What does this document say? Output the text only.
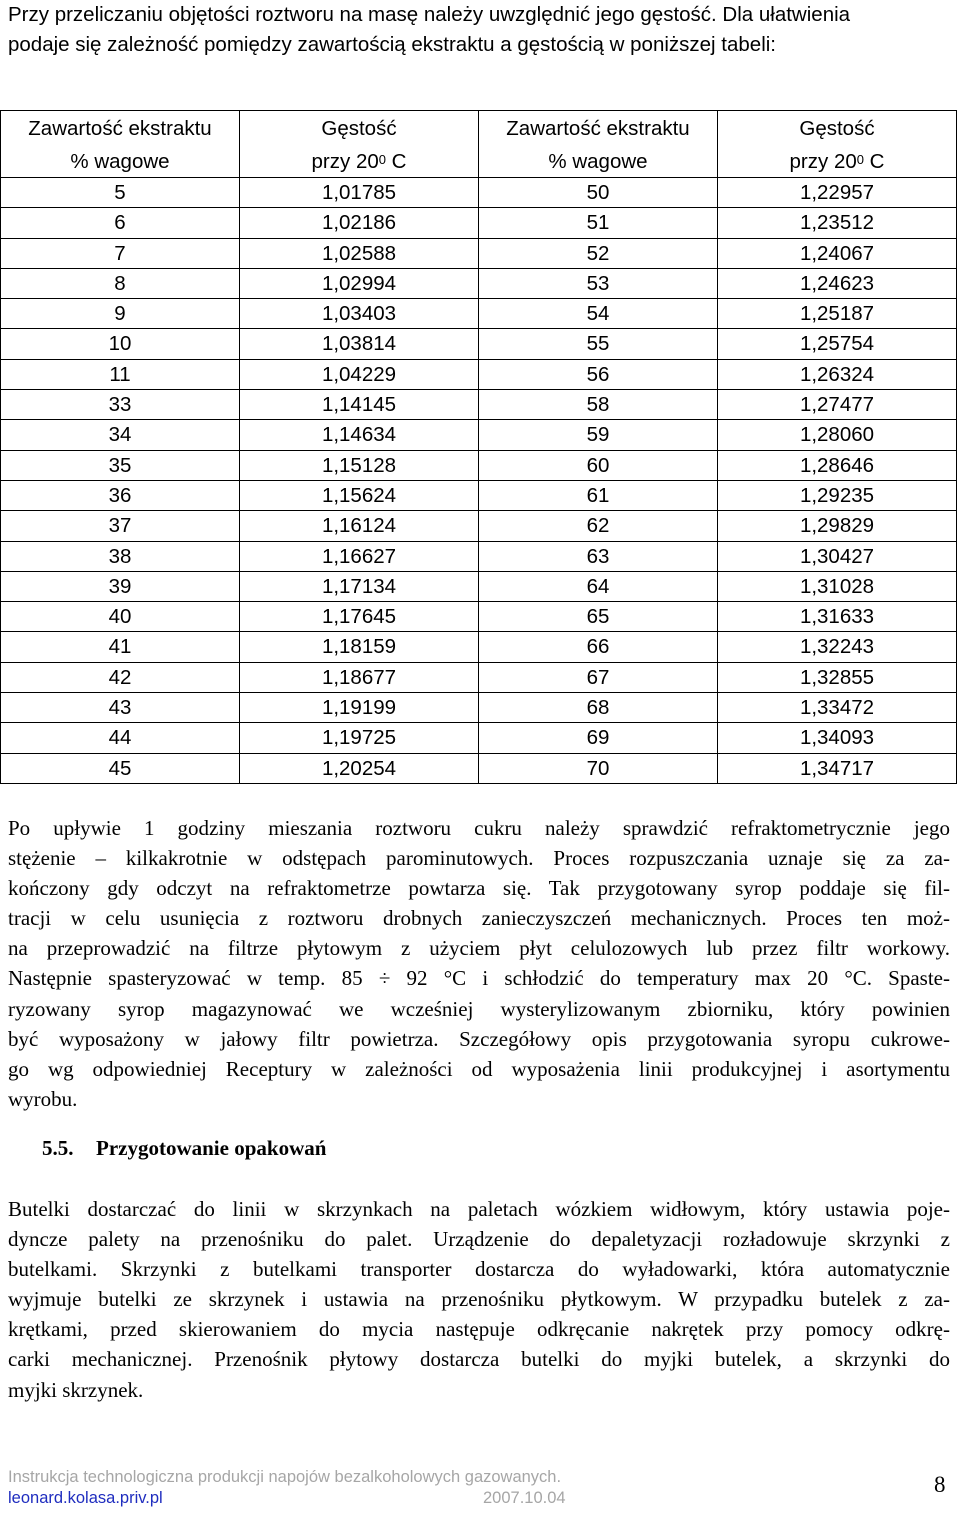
Przy przeliczaniu objętości roztworu na masę należy uwzględnić jego gęstość. Dla ułatwienia
podaje się zależność pomiędzy zawartością ekstraktu a gęstością w poniższej tabeli:
Zawartość ekstraktu	Gęstość	Zawartość ekstraktu	Gęstość
% wagowe	przy $20^0$ C	% wagowe	przy $20^0$ C
5	1,01785	50	1,22957
6	1,02186	51	1,23512
7	1,02588	52	1,24067
8	1,02994	53	1,24623
9	1,03403	54	1,25187
10	1,03814	55	1,25754
11	1,04229	56	1,26324
33	1,14145	58	1,27477
34	1,14634	59	1,28060
35	1,15128	60	1,28646
36	1,15624	61	1,29235
37	1,16124	62	1,29829
38	1,16627	63	1,30427
39	1,17134	64	1,31028
40	1,17645	65	1,31633
41	1,18159	66	1,32243
42	1,18677	67	1,32855
43	1,19199	68	1,33472
44	1,19725	69	1,34093
45	1,20254	70	1,34717
Po upływie 1 godziny mieszania roztworu cukru należy sprawdzić refraktometrycznie jego
stężenie – kilkakrotnie w odstępach parominutowych. Proces rozpuszczania uznaje się za za-
kończony gdy odczyt na refraktometrze powtarza się. Tak przygotowany syrop poddaje się fil-
tracji w celu usunięcia z roztworu drobnych zanieczyszczeń mechanicznych. Proces ten moż-
na przeprowadzić na filtrze płytowym z użyciem płyt celulozowych lub przez filtr workowy.
Następnie spasteryzować w temp. 85 ÷ 92 °C i schłodzić do temperatury max 20 °C. Spaste-
ryzowany syrop magazynować we wcześniej wysterylizowanym zbiorniku, który powinien
być wyposażony w jałowy filtr powietrza. Szczegółowy opis przygotowania syropu cukrowe-
go wg odpowiedniej Receptury w zależności od wyposażenia linii produkcyjnej i asortymentu
wyrobu.
5.5. Przygotowanie opakowań
Butelki dostarczać do linii w skrzynkach na paletach wózkiem widłowym, który ustawia poje-
dyncze palety na przenośniku do palet. Urządzenie do depaletyzacji rozładowuje skrzynki z
butelkami. Skrzynki z butelkami transporter dostarcza do wyładowarki, która automatycznie
wyjmuje butelki ze skrzynek i ustawia na przenośniku płytkowym. W przypadku butelek z za-
krętkami, przed skierowaniem do mycia następuje odkręcanie nakrętek przy pomocy odkrę-
carki mechanicznej. Przenośnik płytowy dostarcza butelki do myjki butelek, a skrzynki do
myjki skrzynek.
Instrukcja technologiczna produkcji napojów bezalkoholowych gazowanych.
leonard.kolasa.priv.pl	2007.10.04
8
